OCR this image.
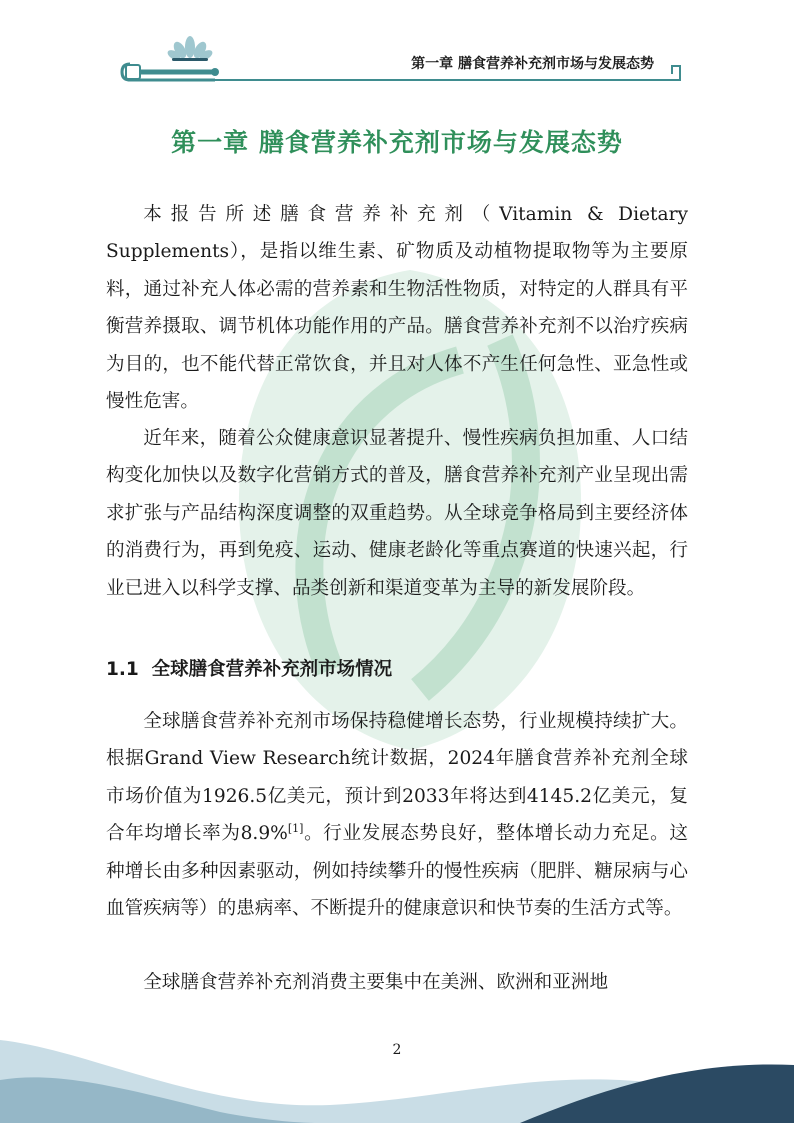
第一章 膳食营养补充剂市场与发展态势
第一章 膳食营养补充剂市场与发展态势

本报告所述膳食营养补充剂（Vitamin & Dietary Supplements），是指以维生素、矿物质及动植物提取物等为主要原料，通过补充人体必需的营养素和生物活性物质，对特定的人群具有平衡营养摄取、调节机体功能作用的产品。膳食营养补充剂不以治疗疾病为目的，也不能代替正常饮食，并且对人体不产生任何急性、亚急性或慢性危害。

近年来，随着公众健康意识显著提升、慢性疾病负担加重、人口结构变化加快以及数字化营销方式的普及，膳食营养补充剂产业呈现出需求扩张与产品结构深度调整的双重趋势。从全球竞争格局到主要经济体的消费行为，再到免疫、运动、健康老龄化等重点赛道的快速兴起，行业已进入以科学支撑、品类创新和渠道变革为主导的新发展阶段。

1.1 全球膳食营养补充剂市场情况

全球膳食营养补充剂市场保持稳健增长态势，行业规模持续扩大。根据Grand View Research统计数据，2024年膳食营养补充剂全球市场价值为1926.5亿美元，预计到2033年将达到4145.2亿美元，复合年均增长率为8.9%[1]。行业发展态势良好，整体增长动力充足。这种增长由多种因素驱动，例如持续攀升的慢性疾病（肥胖、糖尿病与心血管疾病等）的患病率、不断提升的健康意识和快节奏的生活方式等。

全球膳食营养补充剂消费主要集中在美洲、欧洲和亚洲地

2
